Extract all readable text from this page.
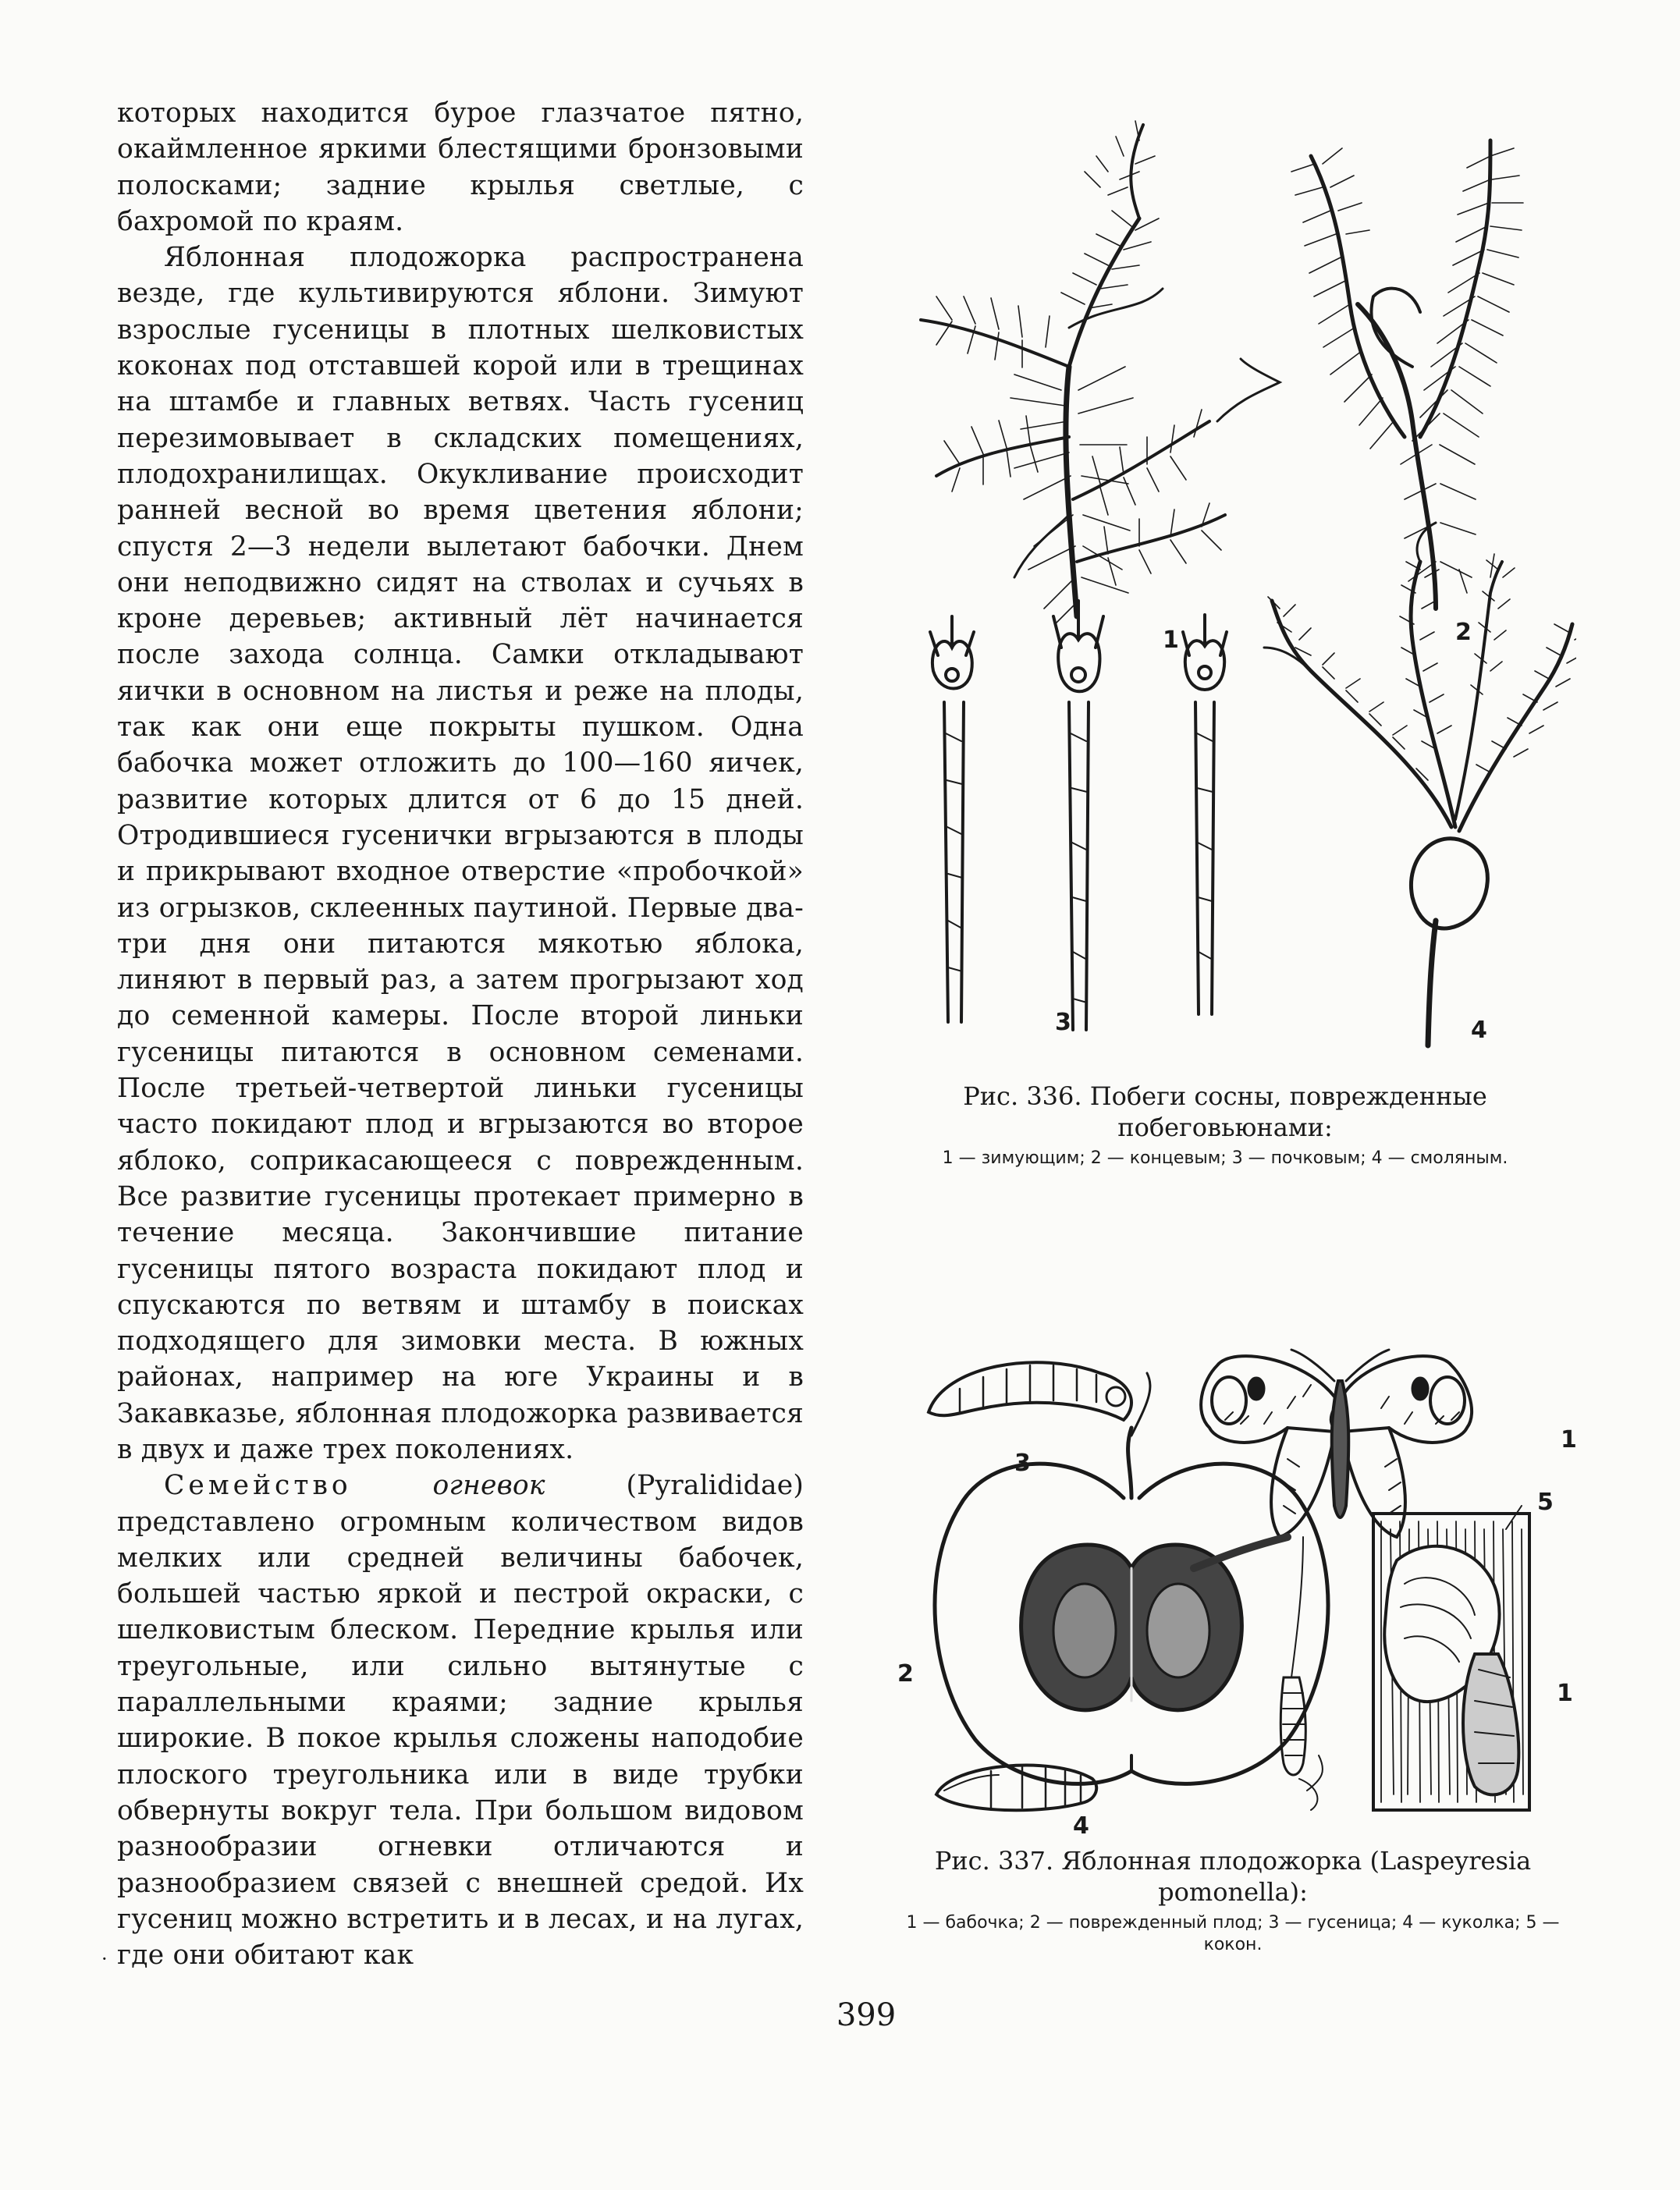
которых находится бурое глазчатое пятно, окаймленное яркими блестящими бронзовыми полосками; задние крылья светлые, с бахромой по краям.

Яблонная плодожорка распространена везде, где культивируются яблони. Зимуют взрослые гусеницы в плотных шелковистых коконах под отставшей корой или в трещинах на штамбе и главных ветвях. Часть гусениц перезимовывает в складских помещениях, плодохранилищах. Окукливание происходит ранней весной во время цветения яблони; спустя 2—3 недели вылетают бабочки. Днем они неподвижно сидят на стволах и сучьях в кроне деревьев; активный лёт начинается после захода солнца. Самки откладывают яички в основном на листья и реже на плоды, так как они еще покрыты пушком. Одна бабочка может отложить до 100—160 яичек, развитие которых длится от 6 до 15 дней. Отродившиеся гусенички вгрызаются в плоды и прикрывают входное отверстие «пробочкой» из огрызков, склеенных паутиной. Первые два-три дня они питаются мякотью яблока, линяют в первый раз, а затем прогрызают ход до семенной камеры. После второй линьки гусеницы питаются в основном семенами. После третьей-четвертой линьки гусеницы часто покидают плод и вгрызаются во второе яблоко, соприкасающееся с поврежденным. Все развитие гусеницы протекает примерно в течение месяца. Закончившие питание гусеницы пятого возраста покидают плод и спускаются по ветвям и штамбу в поисках подходящего для зимовки места. В южных районах, например на юге Украины и в Закавказье, яблонная плодожорка развивается в двух и даже трех поколениях.

Семейство	огневок	(Pyralididae) представлено огромным количеством видов мелких или средней величины бабочек, большей частью яркой и пестрой окраски, с шелковистым блеском. Передние крылья или треугольные, или сильно вытянутые с параллельными краями; задние крылья широкие. В покое крылья сложены наподобие плоского треугольника или в виде трубки обвернуты вокруг тела. При большом видовом разнообразии огневки отличаются и разнообразием связей с внешней средой. Их гусениц можно встретить и в лесах, и на лугах, где они обитают как

·
1	2
3	4
Рис. 336. Побеги сосны, поврежденные побеговьюнами:
1 — зимующим; 2 — концевым; 3 — почковым; 4 — смоляным.
3
1
2
5
1
4
Рис. 337. Яблонная плодожорка (Laspeyresia pomonella):
1 — бабочка; 2 — поврежденный плод; 3 — гусеница; 4 — куколка; 5 — кокон.
399
